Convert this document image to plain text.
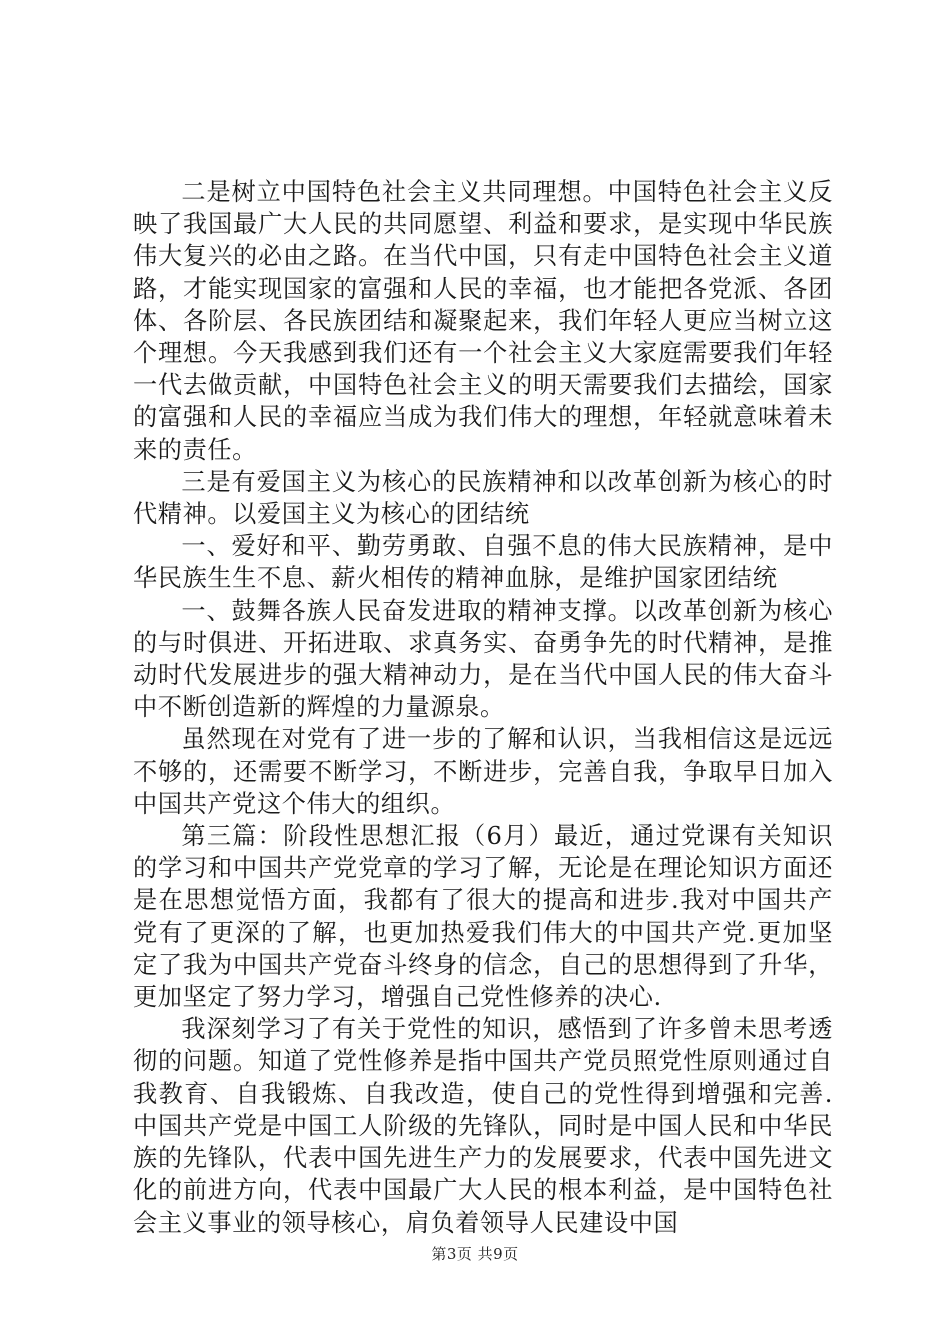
二是树立中国特色社会主义共同理想。中国特色社会主义反映了我国最广大人民的共同愿望、利益和要求，是实现中华民族伟大复兴的必由之路。在当代中国，只有走中国特色社会主义道路，才能实现国家的富强和人民的幸福，也才能把各党派、各团体、各阶层、各民族团结和凝聚起来，我们年轻人更应当树立这个理想。今天我感到我们还有一个社会主义大家庭需要我们年轻一代去做贡献，中国特色社会主义的明天需要我们去描绘，国家的富强和人民的幸福应当成为我们伟大的理想，年轻就意味着未来的责任。

三是有爱国主义为核心的民族精神和以改革创新为核心的时代精神。以爱国主义为核心的团结统

一、爱好和平、勤劳勇敢、自强不息的伟大民族精神，是中华民族生生不息、薪火相传的精神血脉，是维护国家团结统

一、鼓舞各族人民奋发进取的精神支撑。以改革创新为核心的与时俱进、开拓进取、求真务实、奋勇争先的时代精神，是推动时代发展进步的强大精神动力，是在当代中国人民的伟大奋斗中不断创造新的辉煌的力量源泉。

虽然现在对党有了进一步的了解和认识，当我相信这是远远不够的，还需要不断学习，不断进步，完善自我，争取早日加入中国共产党这个伟大的组织。

第三篇：阶段性思想汇报（6月）最近，通过党课有关知识的学习和中国共产党党章的学习了解，无论是在理论知识方面还是在思想觉悟方面，我都有了很大的提高和进步.我对中国共产党有了更深的了解，也更加热爱我们伟大的中国共产党.更加坚定了我为中国共产党奋斗终身的信念，自己的思想得到了升华，更加坚定了努力学习，增强自己党性修养的决心.

我深刻学习了有关于党性的知识，感悟到了许多曾未思考透彻的问题。知道了党性修养是指中国共产党员照党性原则通过自我教育、自我锻炼、自我改造，使自己的党性得到增强和完善.中国共产党是中国工人阶级的先锋队，同时是中国人民和中华民族的先锋队，代表中国先进生产力的发展要求，代表中国先进文化的前进方向，代表中国最广大人民的根本利益，是中国特色社会主义事业的领导核心，肩负着领导人民建设中国

第3页 共9页
